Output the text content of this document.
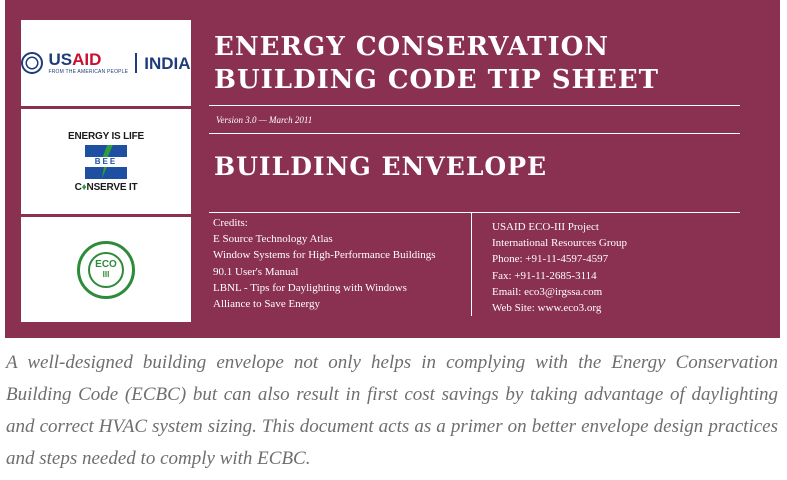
USAID
FROM THE AMERICAN PEOPLE INDIA
ENERGY IS LIFE
BEE
C♦NSERVE IT
ECO
III
ENERGY CONSERVATION
BUILDING CODE TIP SHEET
Version 3.0 — March 2011
BUILDING ENVELOPE
Credits:
E Source Technology Atlas
Window Systems for High-Performance Buildings
90.1 User's Manual
LBNL - Tips for Daylighting with Windows
Alliance to Save Energy
USAID ECO-III Project
International Resources Group
Phone: +91-11-4597-4597
Fax: +91-11-2685-3114
Email: eco3@irgssa.com
Web Site: www.eco3.org
A well-designed building envelope not only helps in complying with the Energy Conservation Building Code (ECBC) but can also result in first cost savings by taking advantage of daylighting and correct HVAC system sizing. This document acts as a primer on better envelope design practices and steps needed to comply with ECBC.
